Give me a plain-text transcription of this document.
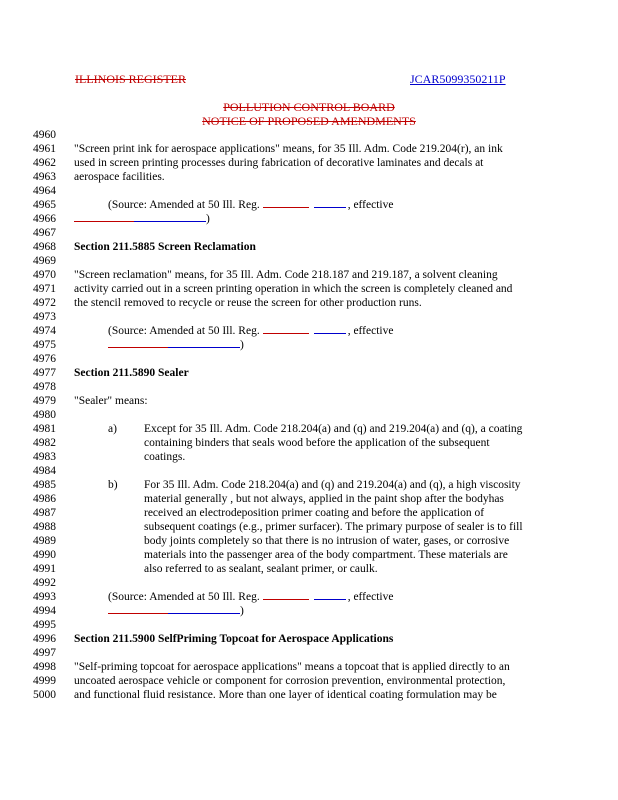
ILLINOIS REGISTER	JCAR5099350211P
POLLUTION CONTROL BOARD
NOTICE OF PROPOSED AMENDMENTS
4960
4961
4962
4963
4964
4965
4966
4967
4968
4969
4970
4971
4972
4973
4974
4975
4976
4977
4978
4979
4980
4981
4982
4983
4984
4985
4986
4987
4988
4989
4990
4991
4992
4993
4994
4995
4996
4997
4998
4999
5000
"Screen print ink for aerospace applications" means, for 35 Ill. Adm. Code 219.204(r), an ink
used in screen printing processes during fabrication of decorative laminates and decals at
aerospace facilities.
(Source: Amended at 50 Ill. Reg.	, effective
)
Section 211.5885 Screen Reclamation
"Screen reclamation" means, for 35 Ill. Adm. Code 218.187 and 219.187, a solvent cleaning
activity carried out in a screen printing operation in which the screen is completely cleaned and
the stencil removed to recycle or reuse the screen for other production runs.
(Source: Amended at 50 Ill. Reg.	, effective
)
Section 211.5890 Sealer
"Sealer" means:
a) Except for 35 Ill. Adm. Code 218.204(a) and (q) and 219.204(a) and (q), a coating
containing binders that seals wood before the application of the subsequent
coatings.
b) For 35 Ill. Adm. Code 218.204(a) and (q) and 219.204(a) and (q), a high viscosity
material generally , but not always, applied in the paint shop after the bodyhas
received an electrodeposition primer coating and before the application of
subsequent coatings (e.g., primer surfacer). The primary purpose of sealer is to fill
body joints completely so that there is no intrusion of water, gases, or corrosive
materials into the passenger area of the body compartment. These materials are
also referred to as sealant, sealant primer, or caulk.
(Source: Amended at 50 Ill. Reg.	, effective
)
Section 211.5900 SelfPriming Topcoat for Aerospace Applications
"Self-priming topcoat for aerospace applications" means a topcoat that is applied directly to an
uncoated aerospace vehicle or component for corrosion prevention, environmental protection,
and functional fluid resistance. More than one layer of identical coating formulation may be
